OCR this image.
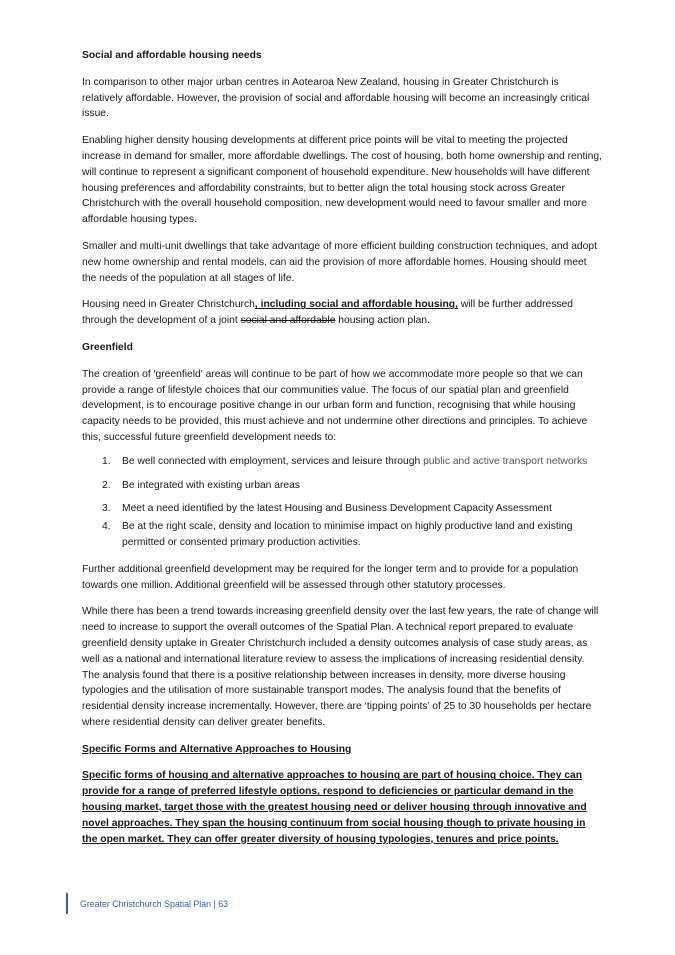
Social and affordable housing needs

In comparison to other major urban centres in Aotearoa New Zealand, housing in Greater Christchurch is relatively affordable. However, the provision of social and affordable housing will become an increasingly critical issue.

Enabling higher density housing developments at different price points will be vital to meeting the projected increase in demand for smaller, more affordable dwellings. The cost of housing, both home ownership and renting, will continue to represent a significant component of household expenditure. New households will have different housing preferences and affordability constraints, but to better align the total housing stock across Greater Christchurch with the overall household composition, new development would need to favour smaller and more affordable housing types.

Smaller and multi-unit dwellings that take advantage of more efficient building construction techniques, and adopt new home ownership and rental models, can aid the provision of more affordable homes. Housing should meet the needs of the population at all stages of life.

Housing need in Greater Christchurch, including social and affordable housing, will be further addressed through the development of a joint social and affordable housing action plan.

Greenfield

The creation of 'greenfield' areas will continue to be part of how we accommodate more people so that we can provide a range of lifestyle choices that our communities value. The focus of our spatial plan and greenfield development, is to encourage positive change in our urban form and function, recognising that while housing capacity needs to be provided, this must achieve and not undermine other directions and principles. To achieve this, successful future greenfield development needs to:

1. Be well connected with employment, services and leisure through public and active transport networks
2. Be integrated with existing urban areas
3. Meet a need identified by the latest Housing and Business Development Capacity Assessment
4. Be at the right scale, density and location to minimise impact on highly productive land and existing permitted or consented primary production activities.

Further additional greenfield development may be required for the longer term and to provide for a population towards one million. Additional greenfield will be assessed through other statutory processes.

While there has been a trend towards increasing greenfield density over the last few years, the rate of change will need to increase to support the overall outcomes of the Spatial Plan. A technical report prepared to evaluate greenfield density uptake in Greater Christchurch included a density outcomes analysis of case study areas, as well as a national and international literature review to assess the implications of increasing residential density. The analysis found that there is a positive relationship between increases in density, more diverse housing typologies and the utilisation of more sustainable transport modes. The analysis found that the benefits of residential density increase incrementally. However, there are ‘tipping points’ of 25 to 30 households per hectare where residential density can deliver greater benefits.

Specific Forms and Alternative Approaches to Housing

Specific forms of housing and alternative approaches to housing are part of housing choice. They can provide for a range of preferred lifestyle options, respond to deficiencies or particular demand in the housing market, target those with the greatest housing need or deliver housing through innovative and novel approaches. They span the housing continuum from social housing though to private housing in the open market. They can offer greater diversity of housing typologies, tenures and price points.

Greater Christchurch Spatial Plan | 63
